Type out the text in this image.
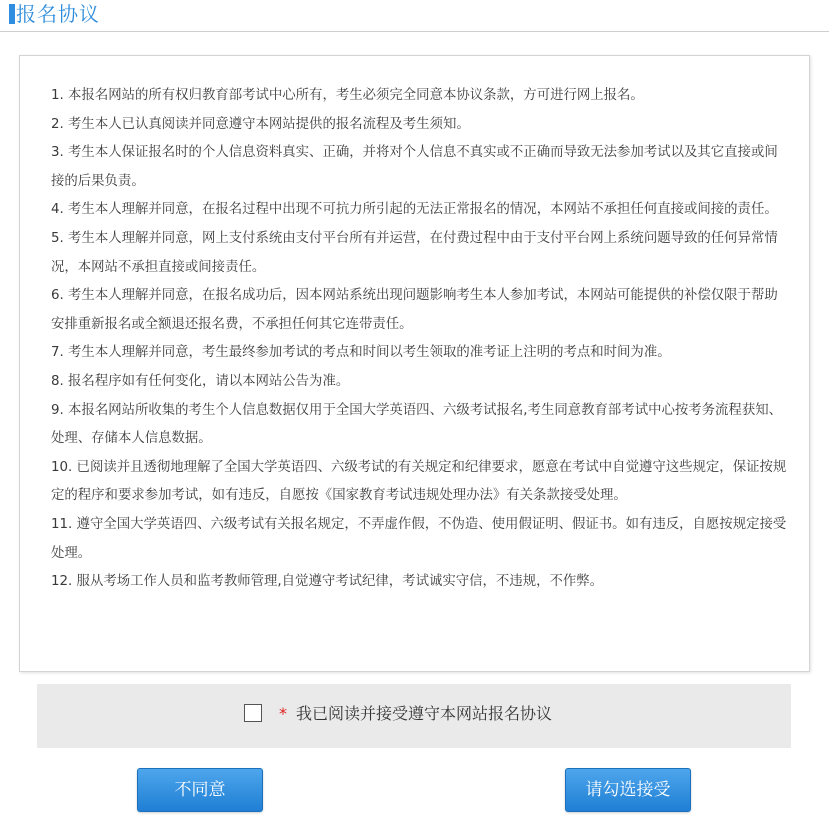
报名协议

1. 本报名网站的所有权归教育部考试中心所有，考生必须完全同意本协议条款，方可进行网上报名。

2. 考生本人已认真阅读并同意遵守本网站提供的报名流程及考生须知。

3. 考生本人保证报名时的个人信息资料真实、正确，并将对个人信息不真实或不正确而导致无法参加考试以及其它直接或间接的后果负责。

4. 考生本人理解并同意，在报名过程中出现不可抗力所引起的无法正常报名的情况，本网站不承担任何直接或间接的责任。

5. 考生本人理解并同意，网上支付系统由支付平台所有并运营，在付费过程中由于支付平台网上系统问题导致的任何异常情况，本网站不承担直接或间接责任。

6. 考生本人理解并同意，在报名成功后，因本网站系统出现问题影响考生本人参加考试，本网站可能提供的补偿仅限于帮助安排重新报名或全额退还报名费，不承担任何其它连带责任。

7. 考生本人理解并同意，考生最终参加考试的考点和时间以考生领取的准考证上注明的考点和时间为准。

8. 报名程序如有任何变化，请以本网站公告为准。

9. 本报名网站所收集的考生个人信息数据仅用于全国大学英语四、六级考试报名,考生同意教育部考试中心按考务流程获知、处理、存储本人信息数据。

10. 已阅读并且透彻地理解了全国大学英语四、六级考试的有关规定和纪律要求，愿意在考试中自觉遵守这些规定，保证按规定的程序和要求参加考试，如有违反，自愿按《国家教育考试违规处理办法》有关条款接受处理。

11. 遵守全国大学英语四、六级考试有关报名规定，不弄虚作假，不伪造、使用假证明、假证书。如有违反，自愿按规定接受处理。

12. 服从考场工作人员和监考教师管理,自觉遵守考试纪律，考试诚实守信，不违规，不作弊。

* 我已阅读并接受遵守本网站报名协议
不同意	请勾选接受
